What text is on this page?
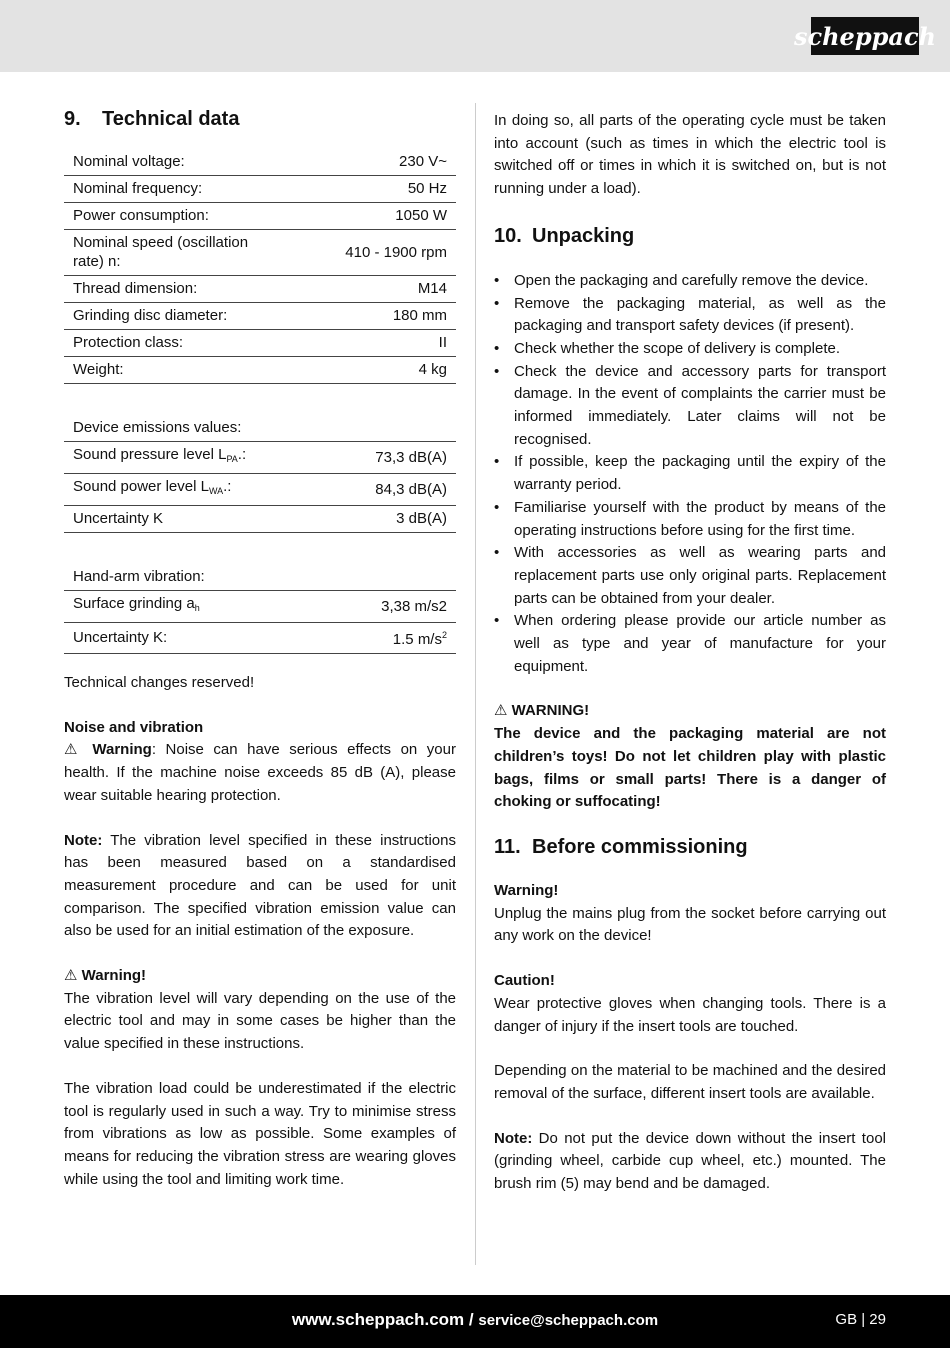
scheppach
9. Technical data
Nominal voltage:	230 V~
Nominal frequency:	50 Hz
Power consumption:	1050 W
Nominal speed (oscillation rate) n:	410 - 1900 rpm
Thread dimension:	M14
Grinding disc diameter:	180 mm
Protection class:	II
Weight:	4 kg
Device emissions values:	
Sound pressure level $L_{PA}$.:	73,3 dB(A)
Sound power level $L_{WA}$.:	84,3 dB(A)
Uncertainty K	3 dB(A)
Hand-arm vibration:	
Surface grinding $a_h$	3,38 m/s2
Uncertainty K:	1.5 $m/s^2$

Technical changes reserved!

Noise and vibration

⚠ Warning: Noise can have serious effects on your health. If the machine noise exceeds 85 dB (A), please wear suitable hearing protection.

Note: The vibration level specified in these instructions has been measured based on a standardised measurement procedure and can be used for unit comparison. The specified vibration emission value can also be used for an initial estimation of the exposure.

⚠ Warning!

The vibration level will vary depending on the use of the electric tool and may in some cases be higher than the value specified in these instructions.

The vibration load could be underestimated if the electric tool is regularly used in such a way. Try to minimise stress from vibrations as low as possible. Some examples of means for reducing the vibration stress are wearing gloves while using the tool and limiting work time.

In doing so, all parts of the operating cycle must be taken into account (such as times in which the electric tool is switched off or times in which it is switched on, but is not running under a load).

10. Unpacking
• Open the packaging and carefully remove the device.
• Remove the packaging material, as well as the packaging and transport safety devices (if present).
• Check whether the scope of delivery is complete.
• Check the device and accessory parts for transport damage. In the event of complaints the carrier must be informed immediately. Later claims will not be recognised.
• If possible, keep the packaging until the expiry of the warranty period.
• Familiarise yourself with the product by means of the operating instructions before using for the first time.
• With accessories as well as wearing parts and replacement parts use only original parts. Replacement parts can be obtained from your dealer.
• When ordering please provide our article number as well as type and year of manufacture for your equipment.

⚠ WARNING!

The device and the packaging material are not children’s toys! Do not let children play with plastic bags, films or small parts! There is a danger of choking or suffocating!

11. Before commissioning

Warning!

Unplug the mains plug from the socket before carrying out any work on the device!

Caution!

Wear protective gloves when changing tools. There is a danger of injury if the insert tools are touched.

Depending on the material to be machined and the desired removal of the surface, different insert tools are available.

Note: Do not put the device down without the insert tool (grinding wheel, carbide cup wheel, etc.) mounted. The brush rim (5) may bend and be damaged.

www.scheppach.com / service@scheppach.com	GB | 29
